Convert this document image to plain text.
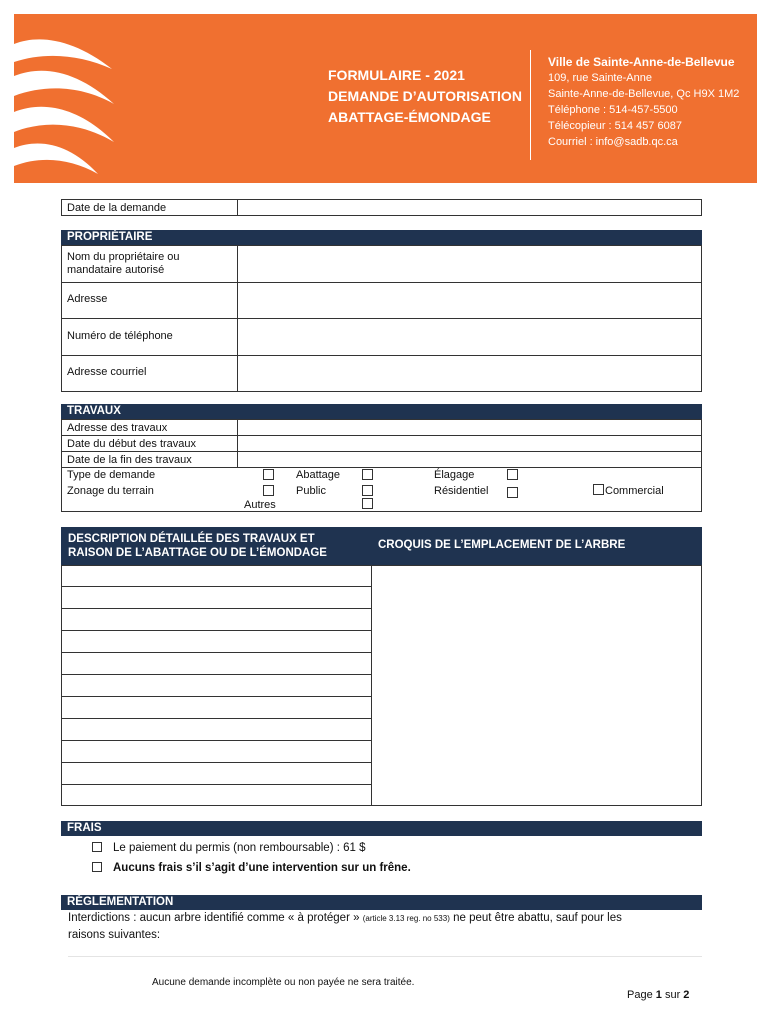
FORMULAIRE - 2021
DEMANDE D’AUTORISATION
ABATTAGE-ÉMONDAGE
Ville de Sainte-Anne-de-Bellevue
109, rue Sainte-Anne
Sainte-Anne-de-Bellevue, Qc H9X 1M2
Téléphone : 514-457-5500
Télécopieur : 514 457 6087
Courriel : info@sadb.qc.ca
Date de la demande
PROPRIÉTAIRE
Nom du propriétaire ou
mandataire autorisé
Adresse
Numéro de téléphone
Adresse courriel
TRAVAUX
Adresse des travaux
Date du début des travaux
Date de la fin des travaux
Type de demande	Abattage	Élagage
Zonage du terrain	Public	Résidentiel	Commercial
Autres
DESCRIPTION DÉTAILLÉE DES TRAVAUX ET
RAISON DE L’ABATTAGE OU DE L’ÉMONDAGE
CROQUIS DE L’EMPLACEMENT DE L’ARBRE
FRAIS
Le paiement du permis (non remboursable) : 61 $
Aucuns frais s’il s’agit d’une intervention sur un frêne.
RÉGLEMENTATION
Interdictions : aucun arbre identifié comme « à protéger » (article 3.13 reg. no 533) ne peut être abattu, sauf pour les
raisons suivantes:
Aucune demande incomplète ou non payée ne sera traitée.
Page 1 sur 2
